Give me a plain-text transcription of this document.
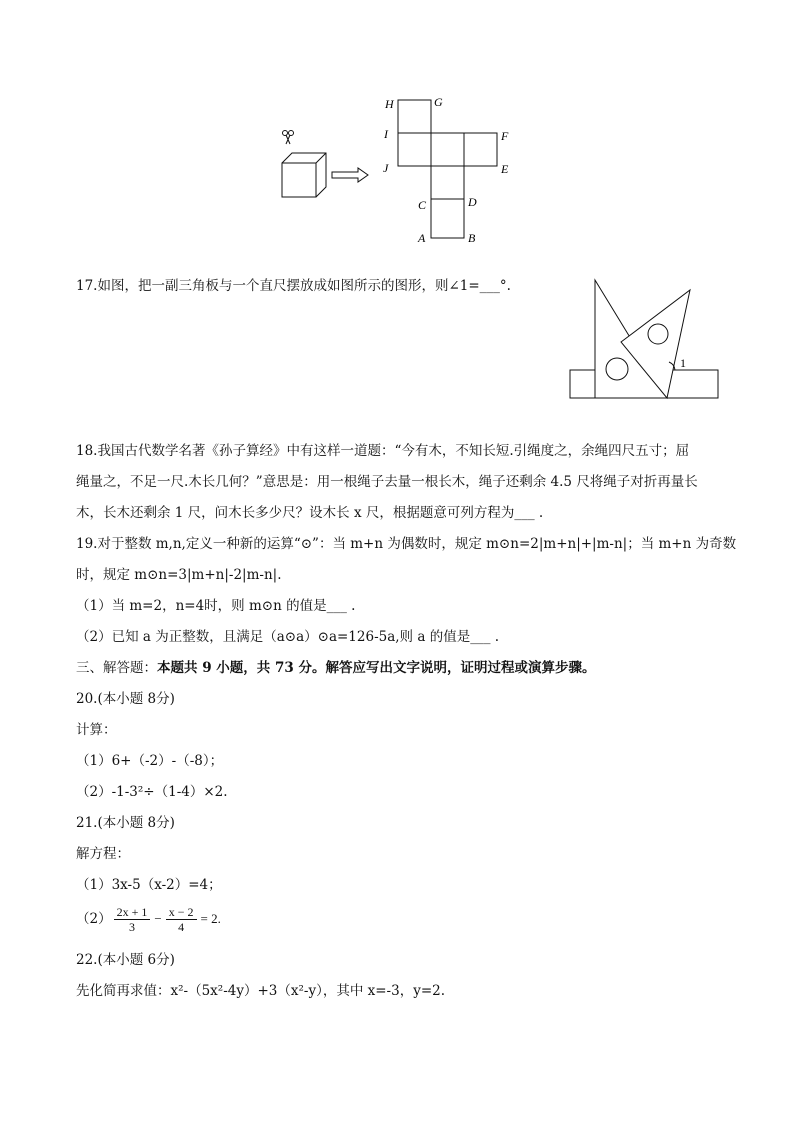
H	G
I	F
J	E
C	D
A	B
17.如图，把一副三角板与一个直尺摆放成如图所示的图形，则∠1=___°.
1
18.我国古代数学名著《孙子算经》中有这样一道题：“今有木，不知长短.引绳度之，余绳四尺五寸；屈
绳量之，不足一尺.木长几何？”意思是：用一根绳子去量一根长木，绳子还剩余 4.5 尺将绳子对折再量长
木，长木还剩余 1 尺，问木长多少尺？设木长 x 尺，根据题意可列方程为___ .
19.对于整数 m,n,定义一种新的运算“⊙”：当 m+n 为偶数时，规定 m⊙n=2|m+n|+|m-n|；当 m+n 为奇数
时，规定 m⊙n=3|m+n|-2|m-n|.
（1）当 m=2，n=4时，则 m⊙n 的值是___ .
（2）已知 a 为正整数，且满足（a⊙a）⊙a=126-5a,则 a 的值是___ .
三、解答题：本题共 9 小题，共 73 分。解答应写出文字说明，证明过程或演算步骤。
20.(本小题 8分)
计算：
（1）6+（-2）-（-8）；
（2）-1-3²÷（1-4）×2.
21.(本小题 8分)
解方程：
（1）3x-5（x-2）=4；
$(2) \frac{2x + 1}{3} - \frac{x - 2}{4} = 2$.
22.(本小题 6分)
先化简再求值：x²-（5x²-4y）+3（x²-y），其中 x=-3，y=2.
